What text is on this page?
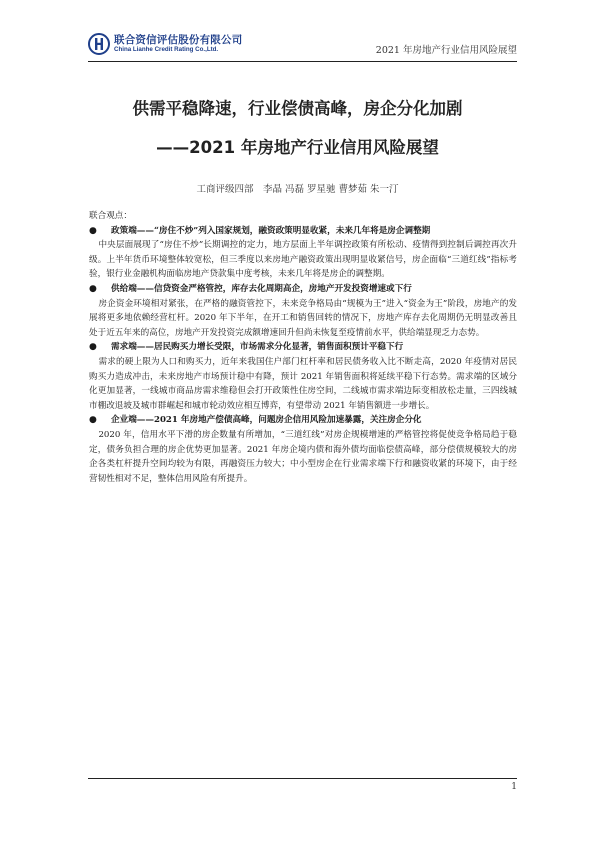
联合资信评估股份有限公司
China Lianhe Credit Rating Co.,Ltd.	2021 年房地产行业信用风险展望
供需平稳降速，行业偿债高峰，房企分化加剧
——2021 年房地产行业信用风险展望
工商评级四部　李晶 冯磊 罗星驰 曹梦茹 朱一汀

联合观点：

● 政策端——“房住不炒”列入国家规划，融资政策明显收紧，未来几年将是房企调整期

中央层面展现了“房住不炒”长期调控的定力，地方层面上半年调控政策有所松动、疫情得到控制后调控再次升级。上半年货币环境整体较宽松，但三季度以来房地产融资政策出现明显收紧信号，房企面临“三道红线”指标考验，银行业金融机构面临房地产贷款集中度考核，未来几年将是房企的调整期。

● 供给端——信贷资金严格管控，库存去化周期高企，房地产开发投资增速或下行

房企资金环境相对紧张，在严格的融资管控下，未来竞争格局由“规模为王”进入“资金为王”阶段，房地产的发展将更多地依赖经营杠杆。2020 年下半年，在开工和销售回转的情况下，房地产库存去化周期仍无明显改善且处于近五年来的高位，房地产开发投资完成额增速回升但尚未恢复至疫情前水平，供给端显现乏力态势。

● 需求端——居民购买力增长受限，市场需求分化显著，销售面积预计平稳下行

需求的硬上限为人口和购买力，近年来我国住户部门杠杆率和居民债务收入比不断走高，2020 年疫情对居民购买力造成冲击，未来房地产市场预计稳中有降，预计 2021 年销售面积将延续平稳下行态势。需求端的区域分化更加显著，一线城市商品房需求维稳但会打开政策性住房空间，二线城市需求端边际变相放松走量，三四线城市棚改退坡及城市群崛起和城市轮动效应相互博弈，有望带动 2021 年销售额进一步增长。

● 企业端——2021 年房地产偿债高峰，问题房企信用风险加速暴露，关注房企分化

2020 年，信用水平下滑的房企数量有所增加，“三道红线”对房企规模增速的严格管控将促使竞争格局趋于稳定，债务负担合理的房企优势更加显著。2021 年房企境内债和海外债均面临偿债高峰，部分偿债规模较大的房企各类杠杆提升空间均较为有限，再融资压力较大；中小型房企在行业需求端下行和融资收紧的环境下，由于经营韧性相对不足，整体信用风险有所提升。

1
